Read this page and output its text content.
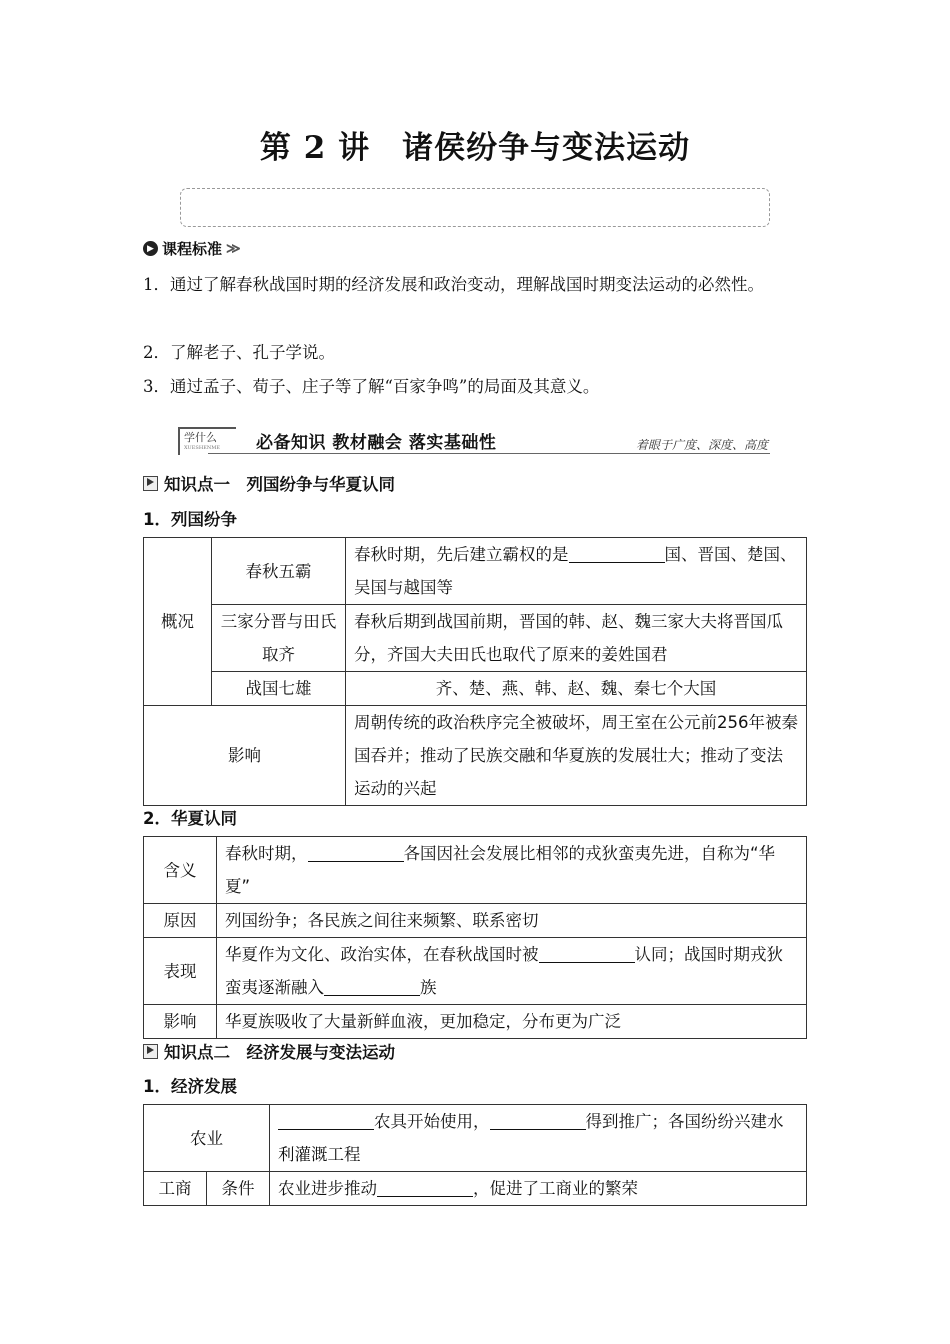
第 2 讲　诸侯纷争与变法运动
▶ 课程标准 ≫
1．通过了解春秋战国时期的经济发展和政治变动，理解战国时期变法运动的必然性。
2．了解老子、孔子学说。
3．通过孟子、荀子、庄子等了解“百家争鸣”的局面及其意义。
学什么
XUESHENME	必备知识 教材融会 落实基础性	着眼于广度、深度、高度
知识点一　列国纷争与华夏认同
1．列国纷争
概况	春秋五霸	春秋时期，先后建立霸权的是 国、晋国、楚国、吴国与越国等
	三家分晋与田氏取齐	春秋后期到战国前期，晋国的韩、赵、魏三家大夫将晋国瓜分，齐国大夫田氏也取代了原来的姜姓国君
	战国七雄	齐、楚、燕、韩、赵、魏、秦七个大国
影响		周朝传统的政治秩序完全被破坏，周王室在公元前256年被秦国吞并；推动了民族交融和华夏族的发展壮大；推动了变法运动的兴起
2．华夏认同
含义	春秋时期， 各国因社会发展比相邻的戎狄蛮夷先进，自称为“华夏”
原因	列国纷争；各民族之间往来频繁、联系密切
表现	华夏作为文化、政治实体，在春秋战国时被 认同；战国时期戎狄蛮夷逐渐融入 族
影响	华夏族吸收了大量新鲜血液，更加稳定，分布更为广泛
知识点二　经济发展与变法运动
1．经济发展
农业		农具开始使用， 得到推广；各国纷纷兴建水利灌溉工程
工商	条件	农业进步推动 ，促进了工商业的繁荣
